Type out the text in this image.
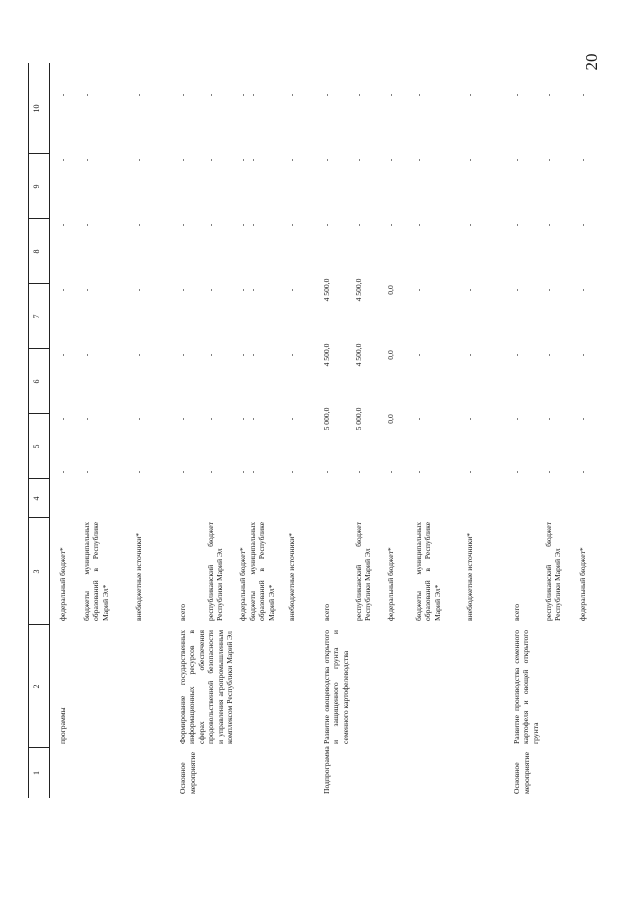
20
1
2
3
4
5
6
7
8
9
10
программы
федеральный бюджет*
-
-
-
-
-
-
-
бюджеты муниципальных образований в Республике Марий Эл*
-
-
-
-
-
-
-
внебюджетные источники*
-
-
-
-
-
-
-
Основное мероприятие
Формирование государственных информационных ресурсов в сферах обеспечения продовольственной безопасности и управления агропромышленным комплексом Республики Марий Эл
всего
-
-
-
-
-
-
-
республиканский бюджет Республики Марий Эл
-
-
-
-
-
-
-
федеральный бюджет*
-
-
-
-
-
-
-
бюджеты муниципальных образований в Республике Марий Эл*
-
-
-
-
-
-
-
внебюджетные источники*
-
-
-
-
-
-
-
Подпрограмма
Развитие овощеводства открытого и защищенного грунта и семенного картофелеводства
всего
-
5 000,0
4 500,0
4 500,0
-
-
-
республиканский бюджет Республики Марий Эл
-
5 000,0
4 500,0
4 500,0
-
-
-
федеральный бюджет*
-
0,0
0,0
0,0
-
-
-
бюджеты муниципальных образований в Республике Марий Эл*
-
-
-
-
-
-
-
внебюджетные источники*
-
-
-
-
-
-
-
Основное мероприятие
Развитие производства семенного картофеля и овощей открытого грунта
всего
-
-
-
-
-
-
-
республиканский бюджет Республики Марий Эл
-
-
-
-
-
-
-
федеральный бюджет*
-
-
-
-
-
-
-
